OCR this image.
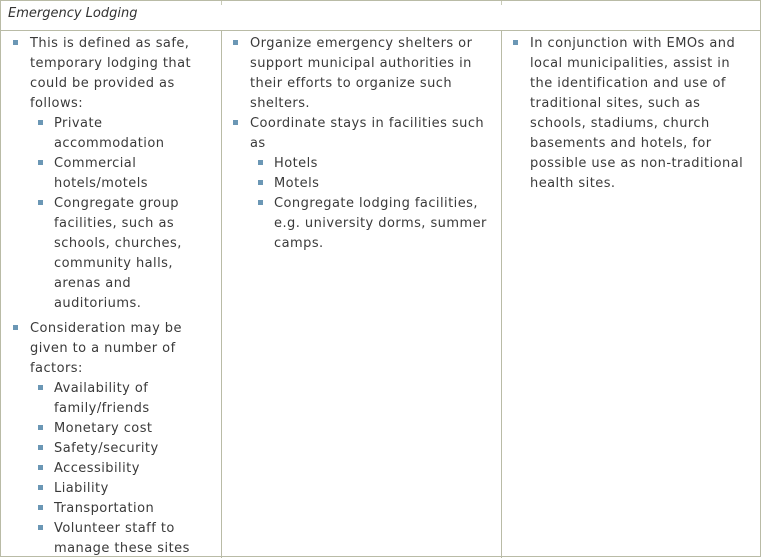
Emergency Lodging
This is defined as safe, temporary lodging that could be provided as follows:
Private accommodation
Commercial hotels/motels
Congregate group facilities, such as schools, churches, community halls, arenas and auditoriums.
Consideration may be given to a number of factors:
Availability of family/friends
Monetary cost
Safety/security
Accessibility
Liability
Transportation
Volunteer staff to manage these sites
Organize emergency shelters or support municipal authorities in their efforts to organize such shelters.
Coordinate stays in facilities such as
Hotels
Motels
Congregate lodging facilities, e.g. university dorms, summer camps.
In conjunction with EMOs and local municipalities, assist in the identification and use of traditional sites, such as schools, stadiums, church basements and hotels, for possible use as non-traditional health sites.
